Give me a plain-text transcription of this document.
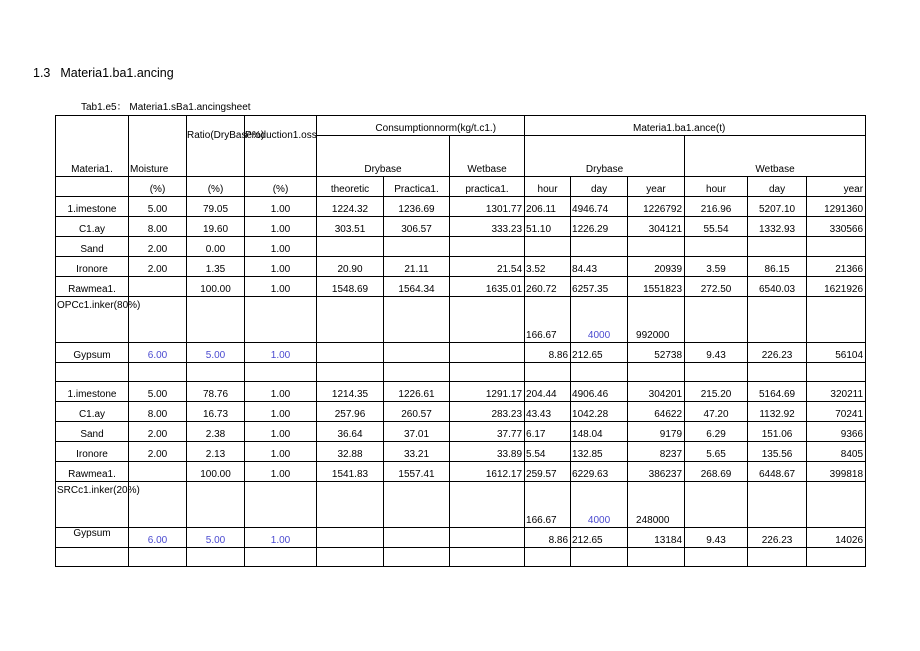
1.3 Materia1.ba1.ancing
Tab1.e5： Materia1.sBa1.ancingsheet
Materia1.	Moisture	Ratio(DryBase%)	Production1.oss	Consumptionnorm(kg/t.c1.)			Materia1.ba1.ance(t)					
				Drybase		Wetbase	Drybase			Wetbase		
	(%)	(%)	(%)	theoretic	Practica1.	practica1.	hour	day	year	hour	day	year
1.imestone	5.00	79.05	1.00	1224.32	1236.69	1301.77	206.11	4946.74	1226792	216.96	5207.10	1291360
C1.ay	8.00	19.60	1.00	303.51	306.57	333.23	51.10	1226.29	304121	55.54	1332.93	330566
Sand	2.00	0.00	1.00									
Ironore	2.00	1.35	1.00	20.90	21.11	21.54	3.52	84.43	20939	3.59	86.15	21366
Rawmea1.		100.00	1.00	1548.69	1564.34	1635.01	260.72	6257.35	1551823	272.50	6540.03	1621926
OPCc1.inker(80%)							166.67	4000	992000			
Gypsum	6.00	5.00	1.00				8.86	212.65	52738	9.43	226.23	56104

1.imestone	5.00	78.76	1.00	1214.35	1226.61	1291.17	204.44	4906.46	304201	215.20	5164.69	320211
C1.ay	8.00	16.73	1.00	257.96	260.57	283.23	43.43	1042.28	64622	47.20	1132.92	70241
Sand	2.00	2.38	1.00	36.64	37.01	37.77	6.17	148.04	9179	6.29	151.06	9366
Ironore	2.00	2.13	1.00	32.88	33.21	33.89	5.54	132.85	8237	5.65	135.56	8405
Rawmea1.		100.00	1.00	1541.83	1557.41	1612.17	259.57	6229.63	386237	268.69	6448.67	399818
SRCc1.inker(20%)							166.67	4000	248000			
Gypsum	6.00	5.00	1.00				8.86	212.65	13184	9.43	226.23	14026
